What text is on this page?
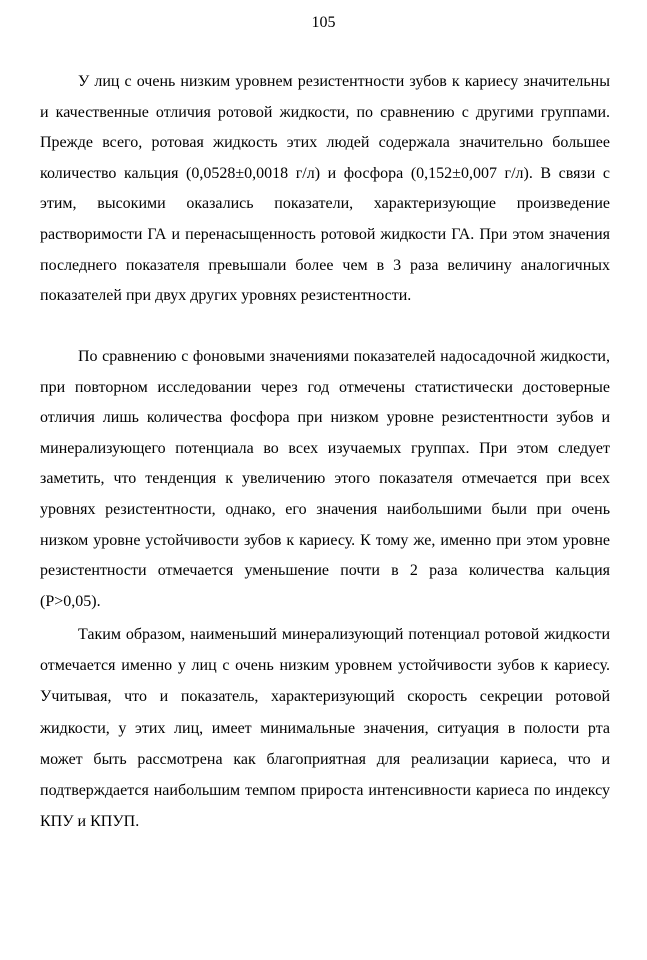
105

У лиц с очень низким уровнем резистентности зубов к кариесу значительны и качественные отличия ротовой жидкости, по сравнению с другими группами. Прежде всего, ротовая жидкость этих людей содержала значительно большее количество кальция (0,0528±0,0018 г/л) и фосфора (0,152±0,007 г/л). В связи с этим, высокими оказались показатели, характеризующие произведение растворимости ГА и перенасыщенность ротовой жидкости ГА. При этом значения последнего показателя превышали более чем в 3 раза величину аналогичных показателей при двух других уровнях резистентности.

По сравнению с фоновыми значениями показателей надосадочной жидкости, при повторном исследовании через год отмечены статистически достоверные отличия лишь количества фосфора при низком уровне резистентности зубов и минерализующего потенциала во всех изучаемых группах. При этом следует заметить, что тенденция к увеличению этого показателя отмечается при всех уровнях резистентности, однако, его значения наибольшими были при очень низком уровне устойчивости зубов к кариесу. К тому же, именно при этом уровне резистентности отмечается уменьшение почти в 2 раза количества кальция (Р>0,05).

Таким образом, наименьший минерализующий потенциал ротовой жидкости отмечается именно у лиц с очень низким уровнем устойчивости зубов к кариесу. Учитывая, что и показатель, характеризующий скорость секреции ротовой жидкости, у этих лиц, имеет минимальные значения, ситуация в полости рта может быть рассмотрена как благоприятная для реализации кариеса, что и подтверждается наибольшим темпом прироста интенсивности кариеса по индексу КПУ и КПУП.
